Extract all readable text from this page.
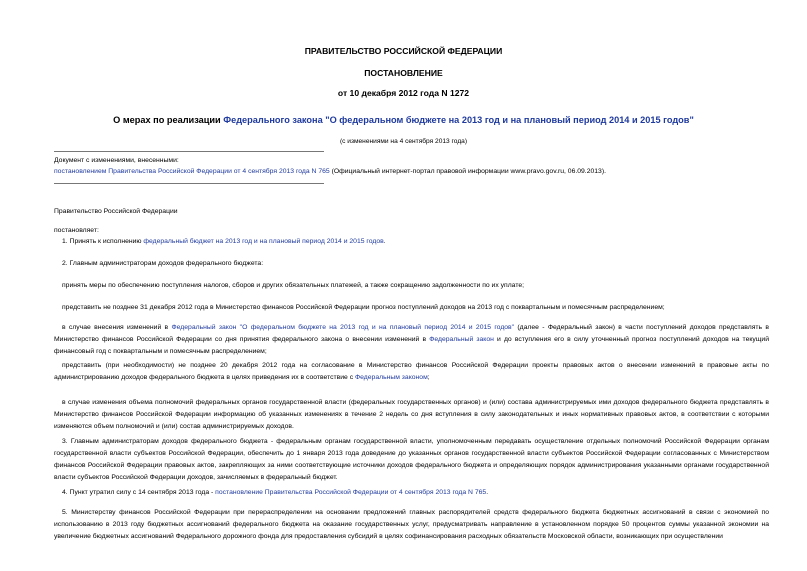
ПРАВИТЕЛЬСТВО РОССИЙСКОЙ ФЕДЕРАЦИИ
ПОСТАНОВЛЕНИЕ
от 10 декабря 2012 года N 1272
О мерах по реализации Федерального закона "О федеральном бюджете на 2013 год и на плановый период 2014 и 2015 годов"
(с изменениями на 4 сентября 2013 года)
Документ с изменениями, внесенными:
постановлением Правительства Российской Федерации от 4 сентября 2013 года N 765 (Официальный интернет-портал правовой информации www.pravo.gov.ru, 06.09.2013).
Правительство Российской Федерации
постановляет:
1. Принять к исполнению федеральный бюджет на 2013 год и на плановый период 2014 и 2015 годов.
2. Главным администраторам доходов федерального бюджета:
принять меры по обеспечению поступления налогов, сборов и других обязательных платежей, а также сокращению задолженности по их уплате;
представить не позднее 31 декабря 2012 года в Министерство финансов Российской Федерации прогноз поступлений доходов на 2013 год с поквартальным и помесячным распределением;
в случае внесения изменений в Федеральный закон "О федеральном бюджете на 2013 год и на плановый период 2014 и 2015 годов" (далее - Федеральный закон) в части поступлений доходов представлять в Министерство финансов Российской Федерации со дня принятия федерального закона о внесении изменений в Федеральный закон и до вступления его в силу уточненный прогноз поступлений доходов на текущий финансовый год с поквартальным и помесячным распределением;
представить (при необходимости) не позднее 20 декабря 2012 года на согласование в Министерство финансов Российской Федерации проекты правовых актов о внесении изменений в правовые акты по администрированию доходов федерального бюджета в целях приведения их в соответствие с Федеральным законом;
в случае изменения объема полномочий федеральных органов государственной власти (федеральных государственных органов) и (или) состава администрируемых ими доходов федерального бюджета представлять в Министерство финансов Российской Федерации информацию об указанных изменениях в течение 2 недель со дня вступления в силу законодательных и иных нормативных правовых актов, в соответствии с которыми изменяются объем полномочий и (или) состав администрируемых доходов.
3. Главным администраторам доходов федерального бюджета - федеральным органам государственной власти, уполномоченным передавать осуществление отдельных полномочий Российской Федерации органам государственной власти субъектов Российской Федерации, обеспечить до 1 января 2013 года доведение до указанных органов государственной власти субъектов Российской Федерации согласованных с Министерством финансов Российской Федерации правовых актов, закрепляющих за ними соответствующие источники доходов федерального бюджета и определяющих порядок администрирования указанными органами государственной власти субъектов Российской Федерации доходов, зачисляемых в федеральный бюджет.
4. Пункт утратил силу с 14 сентября 2013 года - постановление Правительства Российской Федерации от 4 сентября 2013 года N 765.
5. Министерству финансов Российской Федерации при перераспределении на основании предложений главных распорядителей средств федерального бюджета бюджетных ассигнований в связи с экономией по использованию в 2013 году бюджетных ассигнований федерального бюджета на оказание государственных услуг, предусматривать направление в установленном порядке 50 процентов суммы указанной экономии на увеличение бюджетных ассигнований Федерального дорожного фонда для предоставления субсидий в целях софинансирования расходных обязательств Московской области, возникающих при осуществлении
